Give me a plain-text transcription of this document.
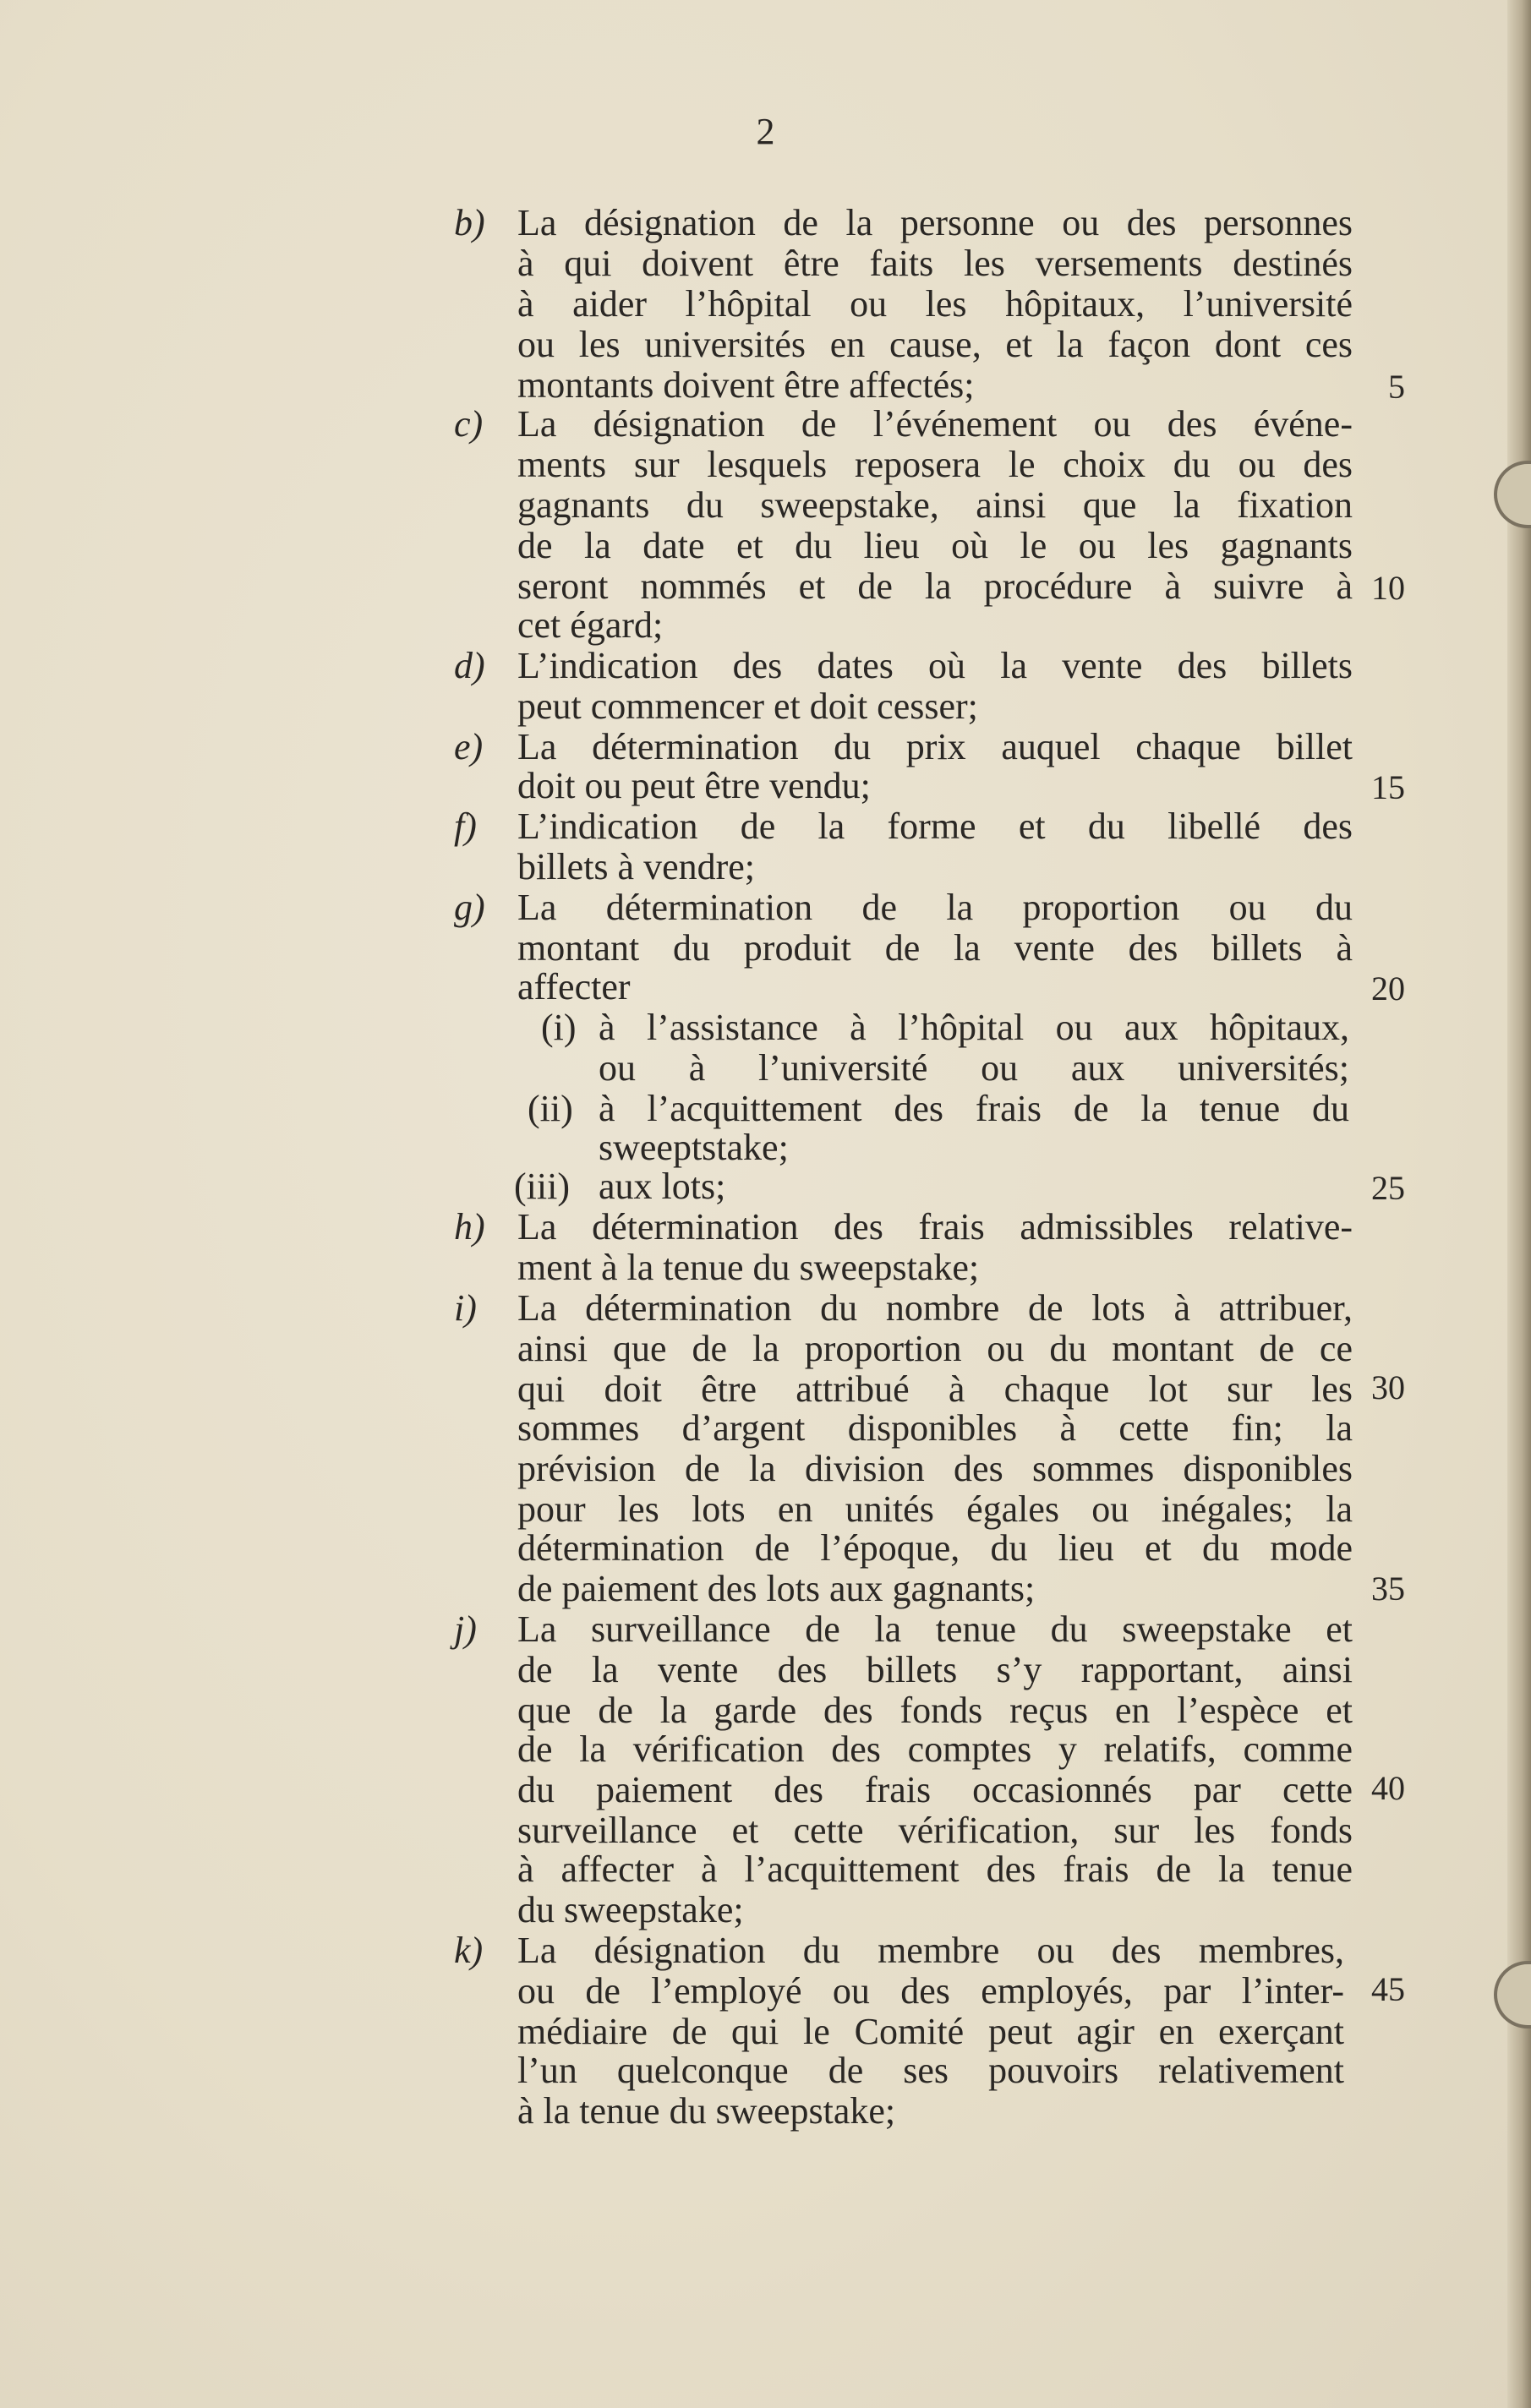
2
b) La désignation de la personne ou des personnes
à qui doivent être faits les versements destinés
à aider l’hôpital ou les hôpitaux, l’université
ou les universités en cause, et la façon dont ces
montants doivent être affectés;
c) La désignation de l’événement ou des événe-
ments sur lesquels reposera le choix du ou des
gagnants du sweepstake, ainsi que la fixation
de la date et du lieu où le ou les gagnants
seront nommés et de la procédure à suivre à
cet égard;
d) L’indication des dates où la vente des billets
peut commencer et doit cesser;
e) La détermination du prix auquel chaque billet
doit ou peut être vendu;
f) L’indication de la forme et du libellé des
billets à vendre;
g) La détermination de la proportion ou du
montant du produit de la vente des billets à
affecter
(i) à l’assistance à l’hôpital ou aux hôpitaux,
ou à l’université ou aux universités;
(ii) à l’acquittement des frais de la tenue du
sweeptstake;
(iii) aux lots;
h) La détermination des frais admissibles relative-
ment à la tenue du sweepstake;
i) La détermination du nombre de lots à attribuer,
ainsi que de la proportion ou du montant de ce
qui doit être attribué à chaque lot sur les
sommes d’argent disponibles à cette fin; la
prévision de la division des sommes disponibles
pour les lots en unités égales ou inégales; la
détermination de l’époque, du lieu et du mode
de paiement des lots aux gagnants;
j) La surveillance de la tenue du sweepstake et
de la vente des billets s’y rapportant, ainsi
que de la garde des fonds reçus en l’espèce et
de la vérification des comptes y relatifs, comme
du paiement des frais occasionnés par cette
surveillance et cette vérification, sur les fonds
à affecter à l’acquittement des frais de la tenue
du sweepstake;
k) La désignation du membre ou des membres,
ou de l’employé ou des employés, par l’inter-
médiaire de qui le Comité peut agir en exerçant
l’un quelconque de ses pouvoirs relativement
à la tenue du sweepstake;
5
10
15
20
25
30
35
40
45
